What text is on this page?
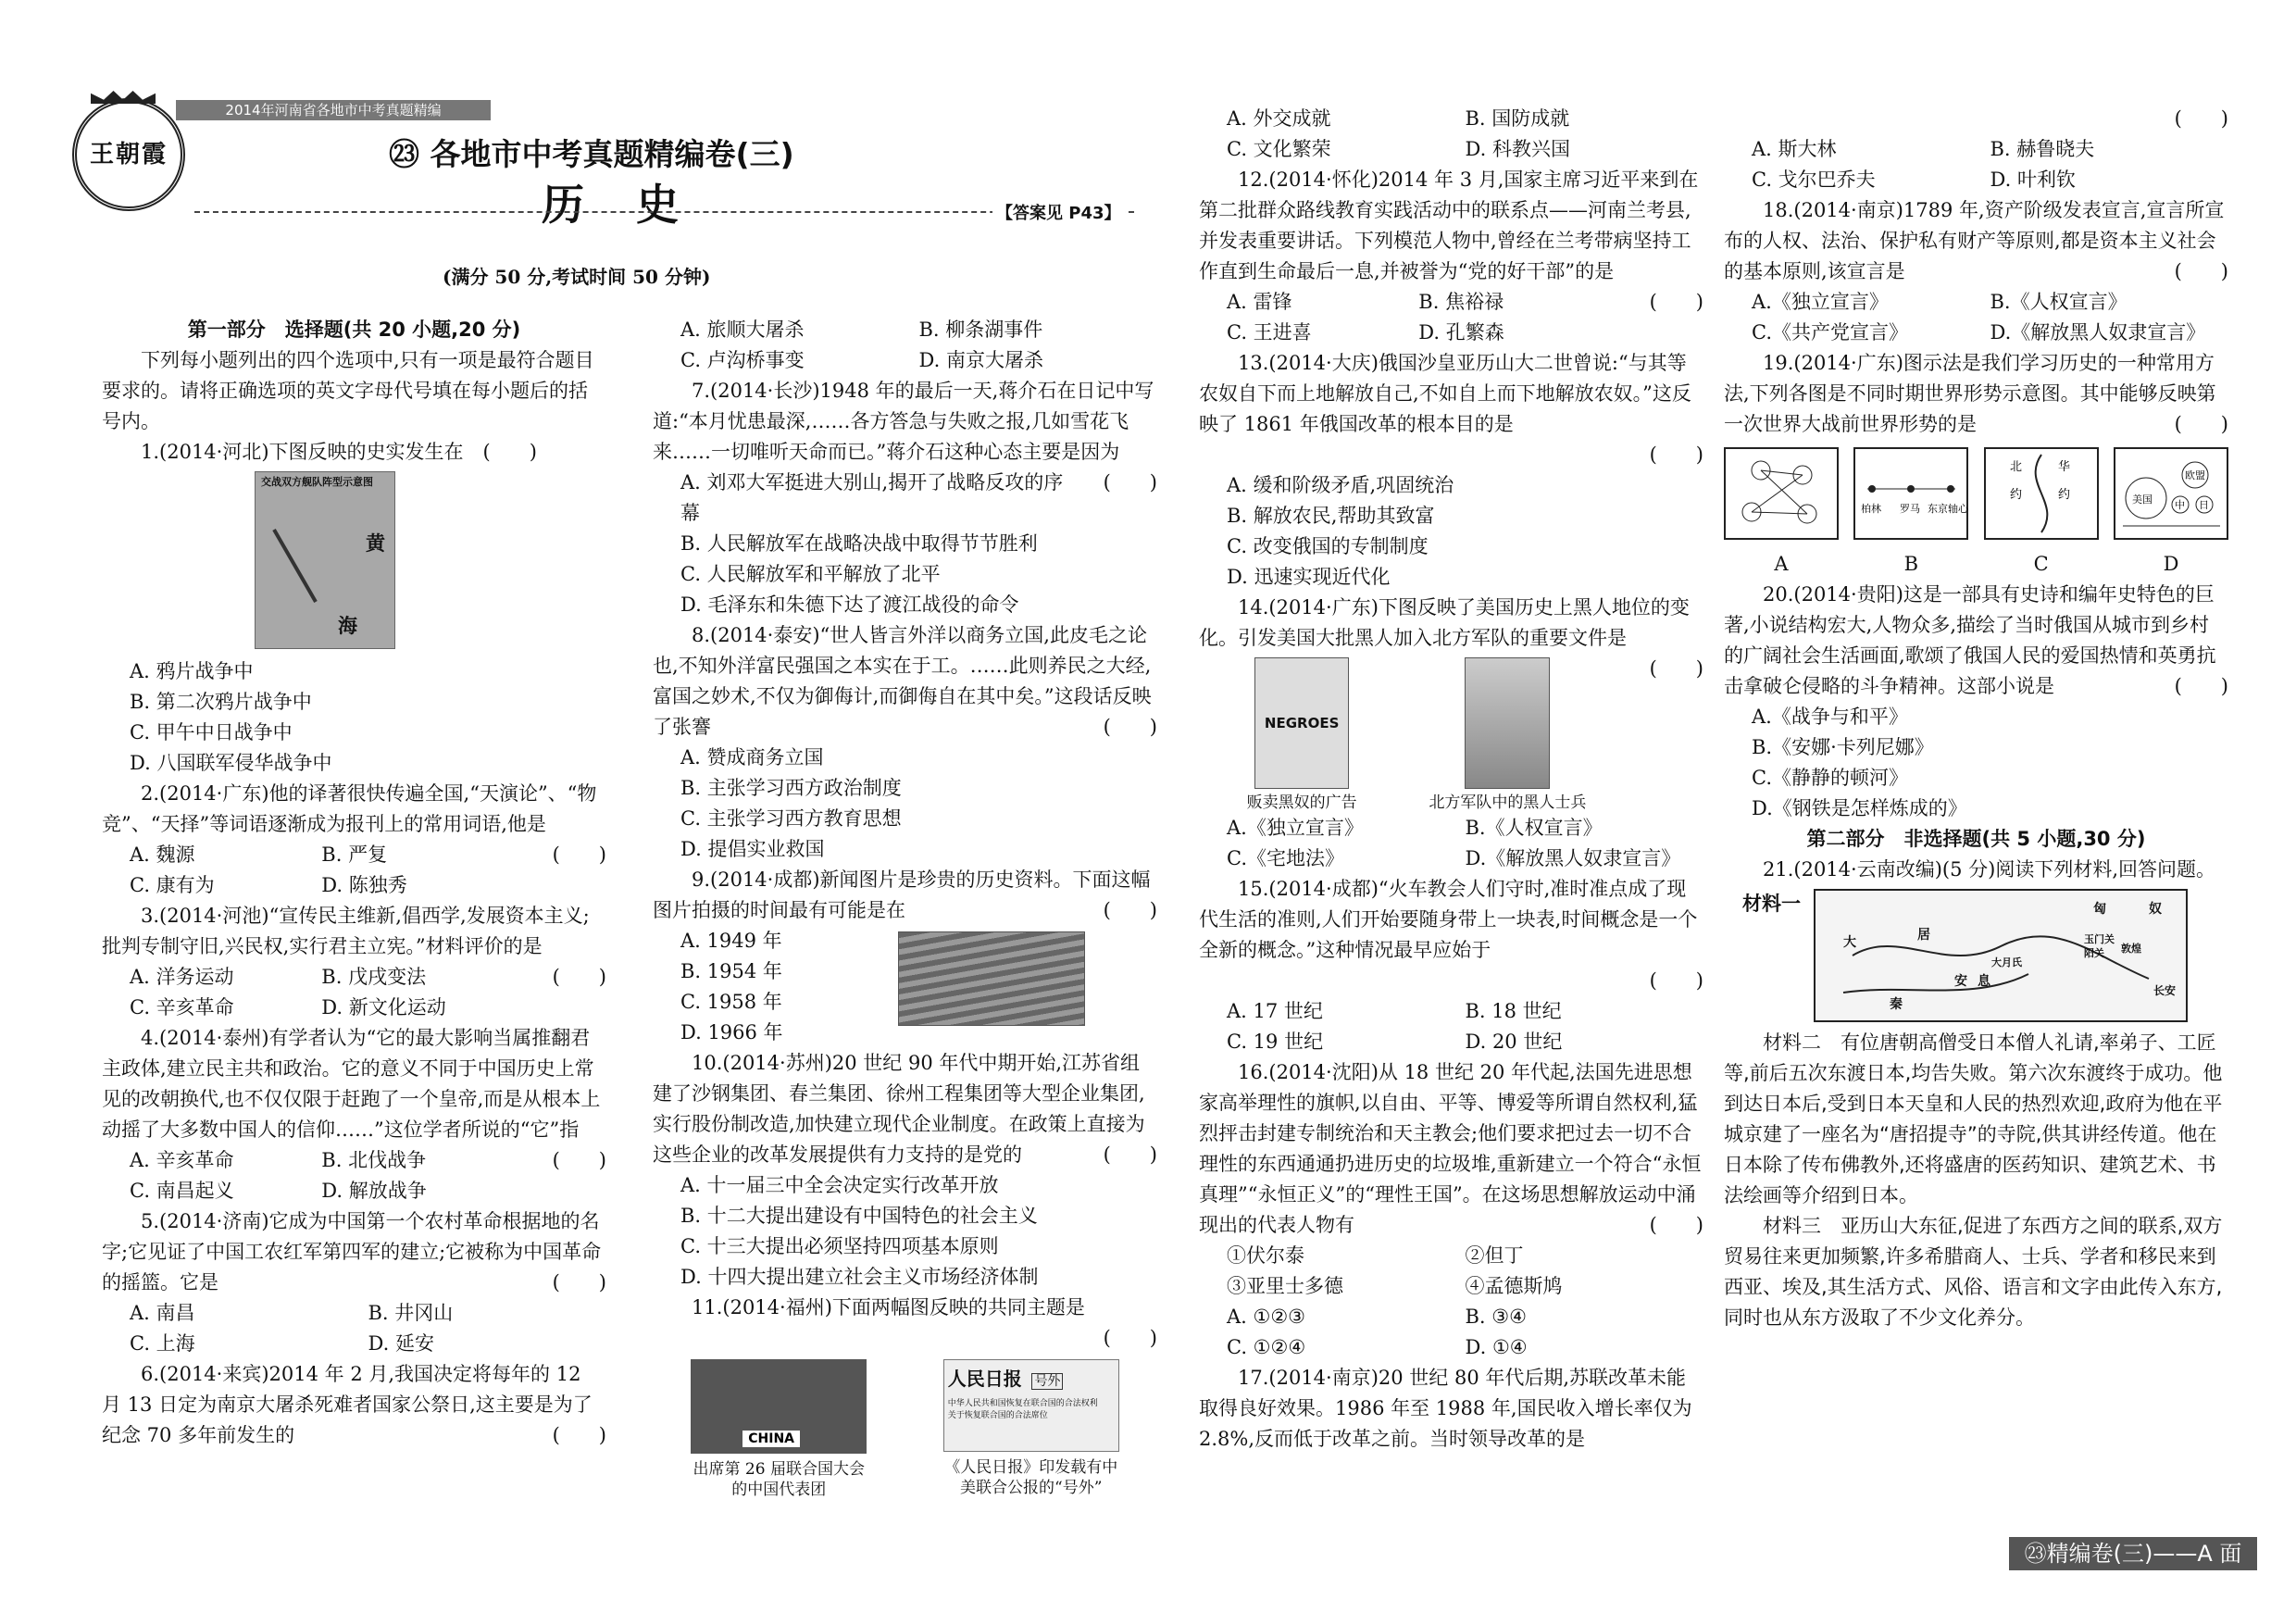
2014年河南省各地市中考真题精编
王朝霞	㉓ 各地市中考真题精编卷(三)
历 史	【答案见 P43】
(满分 50 分,考试时间 50 分钟)

第一部分　选择题(共 20 小题,20 分)

下列每小题列出的四个选项中,只有一项是最符合题目要求的。请将正确选项的英文字母代号填在每小题后的括号内。

1.(2014·河北)下图反映的史实发生在　(　　)

交战双方舰队阵型示意图
黄
海
A. 鸦片战争中
B. 第二次鸦片战争中
C. 甲午中日战争中
D. 八国联军侵华战争中

2.(2014·广东)他的译著很快传遍全国,“天演论”、“物竞”、“天择”等词语逐渐成为报刊上的常用词语,他是
(　　)

A. 魏源	B. 严复
C. 康有为	D. 陈独秀

3.(2014·河池)“宣传民主维新,倡西学,发展资本主义;批判专制守旧,兴民权,实行君主立宪。”材料评价的是
(　　)

A. 洋务运动	B. 戊戌变法
C. 辛亥革命	D. 新文化运动

4.(2014·泰州)有学者认为“它的最大影响当属推翻君主政体,建立民主共和政治。它的意义不同于中国历史上常见的改朝换代,也不仅仅限于赶跑了一个皇帝,而是从根本上动摇了大多数中国人的信仰……”这位学者所说的“它”指
(　　)

A. 辛亥革命	B. 北伐战争
C. 南昌起义	D. 解放战争

5.(2014·济南)它成为中国第一个农村革命根据地的名字;它见证了中国工农红军第四军的建立;它被称为中国革命的摇篮。它是	(　　)

A. 南昌	B. 井冈山
C. 上海	D. 延安

6.(2014·来宾)2014 年 2 月,我国决定将每年的 12 月 13 日定为南京大屠杀死难者国家公祭日,这主要是为了纪念 70 多年前发生的	(　　)

A. 旅顺大屠杀	B. 柳条湖事件
C. 卢沟桥事变	D. 南京大屠杀

7.(2014·长沙)1948 年的最后一天,蒋介石在日记中写道:“本月忧患最深,……各方答急与失败之报,几如雪花飞来……一切唯听天命而已。”蒋介石这种心态主要是因为
(　　)

A. 刘邓大军挺进大别山,揭开了战略反攻的序幕
B. 人民解放军在战略决战中取得节节胜利
C. 人民解放军和平解放了北平
D. 毛泽东和朱德下达了渡江战役的命令

8.(2014·泰安)“世人皆言外洋以商务立国,此皮毛之论也,不知外洋富民强国之本实在于工。……此则养民之大经,富国之妙术,不仅为御侮计,而御侮自在其中矣。”这段话反映了张謇	(　　)

A. 赞成商务立国
B. 主张学习西方政治制度
C. 主张学习西方教育思想
D. 提倡实业救国

9.(2014·成都)新闻图片是珍贵的历史资料。下面这幅图片拍摄的时间最有可能是在	(　　)

A. 1949 年
B. 1954 年
C. 1958 年
D. 1966 年

10.(2014·苏州)20 世纪 90 年代中期开始,江苏省组建了沙钢集团、春兰集团、徐州工程集团等大型企业集团,实行股份制改造,加快建立现代企业制度。在政策上直接为这些企业的改革发展提供有力支持的是党的	(　　)

A. 十一届三中全会决定实行改革开放
B. 十二大提出建设有中国特色的社会主义
C. 十三大提出必须坚持四项基本原则
D. 十四大提出建立社会主义市场经济体制

11.(2014·福州)下面两幅图反映的共同主题是

(　　)
CHINA
出席第 26 届联合国大会的中国代表团
人民日报 号外
中华人民共和国恢复在联合国的合法权利
关于恢复联合国的合法席位
《人民日报》印发载有中美联合公报的“号外”
A. 外交成就	B. 国防成就
C. 文化繁荣	D. 科教兴国

12.(2014·怀化)2014 年 3 月,国家主席习近平来到在第二批群众路线教育实践活动中的联系点——河南兰考县,并发表重要讲话。下列模范人物中,曾经在兰考带病坚持工作直到生命最后一息,并被誉为“党的好干部”的是
(　　)

A. 雷锋	B. 焦裕禄
C. 王进喜	D. 孔繁森

13.(2014·大庆)俄国沙皇亚历山大二世曾说:“与其等农奴自下而上地解放自己,不如自上而下地解放农奴。”这反映了 1861 年俄国改革的根本目的是

(　　)
A. 缓和阶级矛盾,巩固统治
B. 解放农民,帮助其致富
C. 改变俄国的专制制度
D. 迅速实现近代化

14.(2014·广东)下图反映了美国历史上黑人地位的变化。引发美国大批黑人加入北方军队的重要文件是
(　　)

NEGROES
贩卖黑奴的广告	北方军队中的黑人士兵
A.《独立宣言》	B.《人权宣言》
C.《宅地法》	D.《解放黑人奴隶宣言》

15.(2014·成都)“火车教会人们守时,准时准点成了现代生活的准则,人们开始要随身带上一块表,时间概念是一个全新的概念。”这种情况最早应始于

(　　)
A. 17 世纪	B. 18 世纪
C. 19 世纪	D. 20 世纪

16.(2014·沈阳)从 18 世纪 20 年代起,法国先进思想家高举理性的旗帜,以自由、平等、博爱等所谓自然权利,猛烈抨击封建专制统治和天主教会;他们要求把过去一切不合理性的东西通通扔进历史的垃圾堆,重新建立一个符合“永恒真理”“永恒正义”的“理性王国”。在这场思想解放运动中涌现出的代表人物有	(　　)

①伏尔泰	②但丁
③亚里士多德	④孟德斯鸠
A. ①②③	B. ③④
C. ①②④	D. ①④

17.(2014·南京)20 世纪 80 年代后期,苏联改革未能取得良好效果。1986 年至 1988 年,国民收入增长率仅为 2.8%,反而低于改革之前。当时领导改革的是

(　　)
A. 斯大林	B. 赫鲁晓夫
C. 戈尔巴乔夫	D. 叶利钦

18.(2014·南京)1789 年,资产阶级发表宣言,宣言所宣布的人权、法治、保护私有财产等原则,都是资本主义社会的基本原则,该宣言是	(　　)

A.《独立宣言》	B.《人权宣言》
C.《共产党宣言》	D.《解放黑人奴隶宣言》

19.(2014·广东)图示法是我们学习历史的一种常用方法,下列各图是不同时期世界形势示意图。其中能够反映第一次世界大战前世界形势的是	(　　)

A
柏林 罗马 东京轴心
B
北
约
华
约
C
美国
欧盟
中 日
D

20.(2014·贵阳)这是一部具有史诗和编年史特色的巨著,小说结构宏大,人物众多,描绘了当时俄国从城市到乡村的广阔社会生活画面,歌颂了俄国人民的爱国热情和英勇抗击拿破仑侵略的斗争精神。这部小说是	(　　)

A.《战争与和平》
B.《安娜·卡列尼娜》
C.《静静的顿河》
D.《钢铁是怎样炼成的》

第二部分　非选择题(共 5 小题,30 分)

21.(2014·云南改编)(5 分)阅读下列材料,回答问题。

材料一	匈	奴
大	居
大月氏
玉门关
阳关 敦煌
长安
秦
安 息

材料二　有位唐朝高僧受日本僧人礼请,率弟子、工匠等,前后五次东渡日本,均告失败。第六次东渡终于成功。他到达日本后,受到日本天皇和人民的热烈欢迎,政府为他在平城京建了一座名为“唐招提寺”的寺院,供其讲经传道。他在日本除了传布佛教外,还将盛唐的医药知识、建筑艺术、书法绘画等介绍到日本。

材料三　亚历山大东征,促进了东西方之间的联系,双方贸易往来更加频繁,许多希腊商人、士兵、学者和移民来到西亚、埃及,其生活方式、风俗、语言和文字由此传入东方,同时也从东方汲取了不少文化养分。

㉓精编卷(三)——A 面
